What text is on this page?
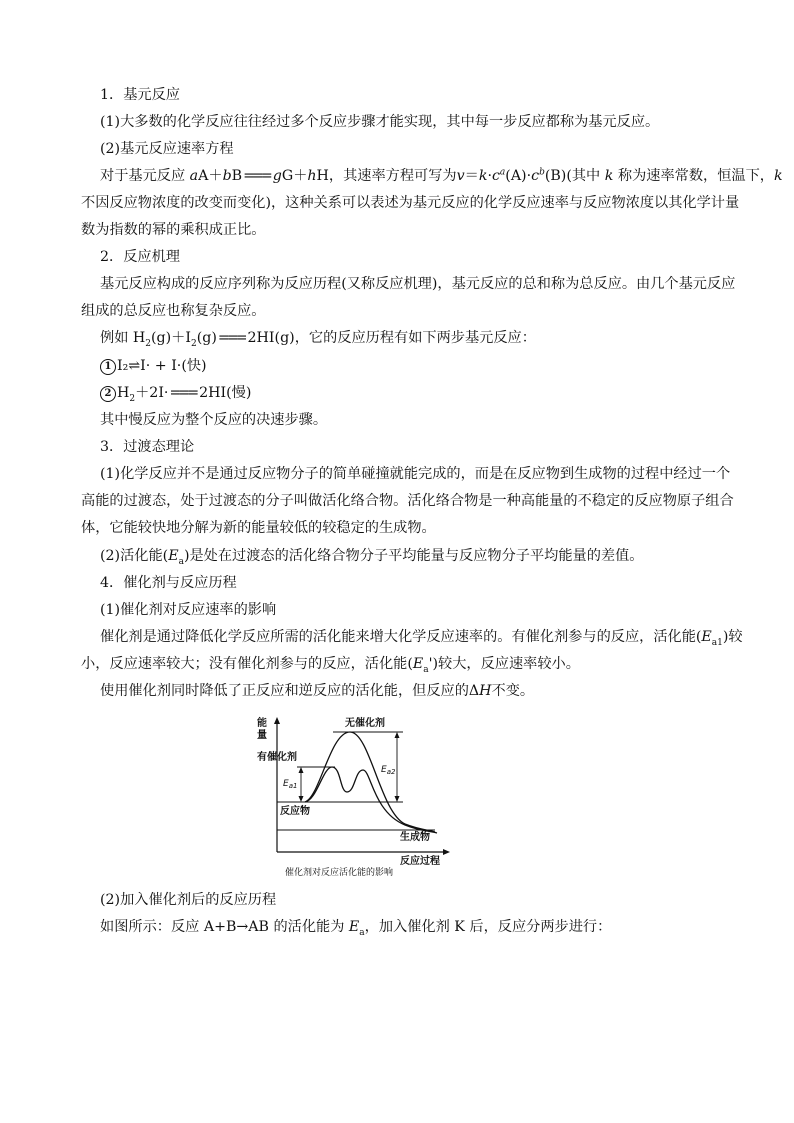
1．基元反应
(1)大多数的化学反应往往经过多个反应步骤才能实现，其中每一步反应都称为基元反应。
(2)基元反应速率方程
对于基元反应 aA＋bB=== gG＋hH，其速率方程可写为$v=k\cdot c^a(A)\cdot c^b(B)$(其中 k 称为速率常数，恒温下，k
不因反应物浓度的改变而变化)，这种关系可以表述为基元反应的化学反应速率与反应物浓度以其化学计量
数为指数的幂的乘积成正比。
2．反应机理
基元反应构成的反应序列称为反应历程(又称反应机理)，基元反应的总和称为总反应。由几个基元反应
组成的总反应也称复杂反应。
例如 $H_2(g)+I_2(g)=== 2HI(g)$，它的反应历程有如下两步基元反应：
1 I₂⇌I· + I·(快)
2 $H_2+2I\cdot=== 2HI$(慢)
其中慢反应为整个反应的决速步骤。
3．过渡态理论
(1)化学反应并不是通过反应物分子的简单碰撞就能完成的，而是在反应物到生成物的过程中经过一个
高能的过渡态，处于过渡态的分子叫做活化络合物。活化络合物是一种高能量的不稳定的反应物原子组合
体，它能较快地分解为新的能量较低的较稳定的生成物。
(2)活化能$(E_a)$是处在过渡态的活化络合物分子平均能量与反应物分子平均能量的差值。
4．催化剂与反应历程
(1)催化剂对反应速率的影响
催化剂是通过降低化学反应所需的活化能来增大化学反应速率的。有催化剂参与的反应，活化能$(E_{a1})$较
小，反应速率较大；没有催化剂参与的反应，活化能$(E_a')$较大，反应速率较小。
使用催化剂同时降低了正反应和逆反应的活化能，但反应的ΔH不变。
能
量
无催化剂
有催化剂
$E_{a1}$
$E_{a2}$
反应物
生成物
反应过程
催化剂对反应活化能的影响
(2)加入催化剂后的反应历程
如图所示：反应 A+B→AB 的活化能为 $E_a$，加入催化剂 K 后，反应分两步进行：
